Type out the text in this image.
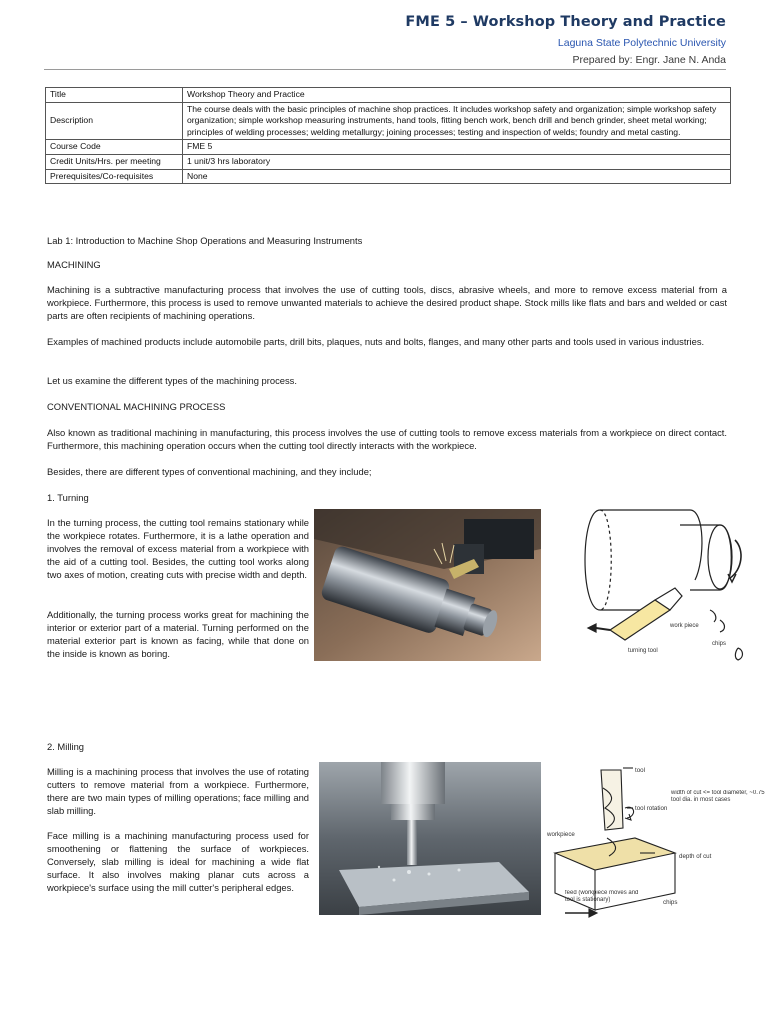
FME 5 – Workshop Theory and Practice
Laguna State Polytechnic University
Prepared by: Engr. Jane N. Anda
Title	Workshop Theory and Practice
Description	The course deals with the basic principles of machine shop practices. It includes workshop safety and organization; simple workshop safety organization; simple workshop measuring instruments, hand tools, fitting bench work, bench drill and bench grinder, sheet metal working; principles of welding processes; welding metallurgy; joining processes; testing and inspection of welds; foundry and metal casting.
Course Code	FME 5
Credit Units/Hrs. per meeting	1 unit/3 hrs laboratory
Prerequisites/Co-requisites	None
Lab 1: Introduction to Machine Shop Operations and Measuring Instruments
MACHINING
Machining is a subtractive manufacturing process that involves the use of cutting tools, discs, abrasive wheels, and more to remove excess material from a workpiece. Furthermore, this process is used to remove unwanted materials to achieve the desired product shape. Stock mills like flats and bars and welded or cast parts are often recipients of machining operations.
Examples of machined products include automobile parts, drill bits, plaques, nuts and bolts, flanges, and many other parts and tools used in various industries.
Let us examine the different types of the machining process.
CONVENTIONAL MACHINING PROCESS
Also known as traditional machining in manufacturing, this process involves the use of cutting tools to remove excess materials from a workpiece on direct contact. Furthermore, this machining operation occurs when the cutting tool directly interacts with the workpiece.
Besides, there are different types of conventional machining, and they include;
1. Turning
In the turning process, the cutting tool remains stationary while the workpiece rotates. Furthermore, it is a lathe operation and involves the removal of excess material from a workpiece with the aid of a cutting tool. Besides, the cutting tool works along two axes of motion, creating cuts with precise width and depth.
Additionally, the turning process works great for machining the interior or exterior part of a material. Turning performed on the material exterior part is known as facing, while that done on the inside is known as boring.
work piece
chips
turning tool
2. Milling
Milling is a machining process that involves the use of rotating cutters to remove material from a workpiece. Furthermore, there are two main types of milling operations; face milling and slab milling.
Face milling is a machining manufacturing process used for smoothening or flattening the surface of workpieces. Conversely, slab milling is ideal for machining a wide flat surface. It also involves making planar cuts across a workpiece's surface using the mill cutter's peripheral edges.
tool
tool rotation
width of cut <= tool diameter, ~0.75 tool dia. in most cases
workpiece
depth of cut
feed (workpiece moves and tool is stationary)	chips
